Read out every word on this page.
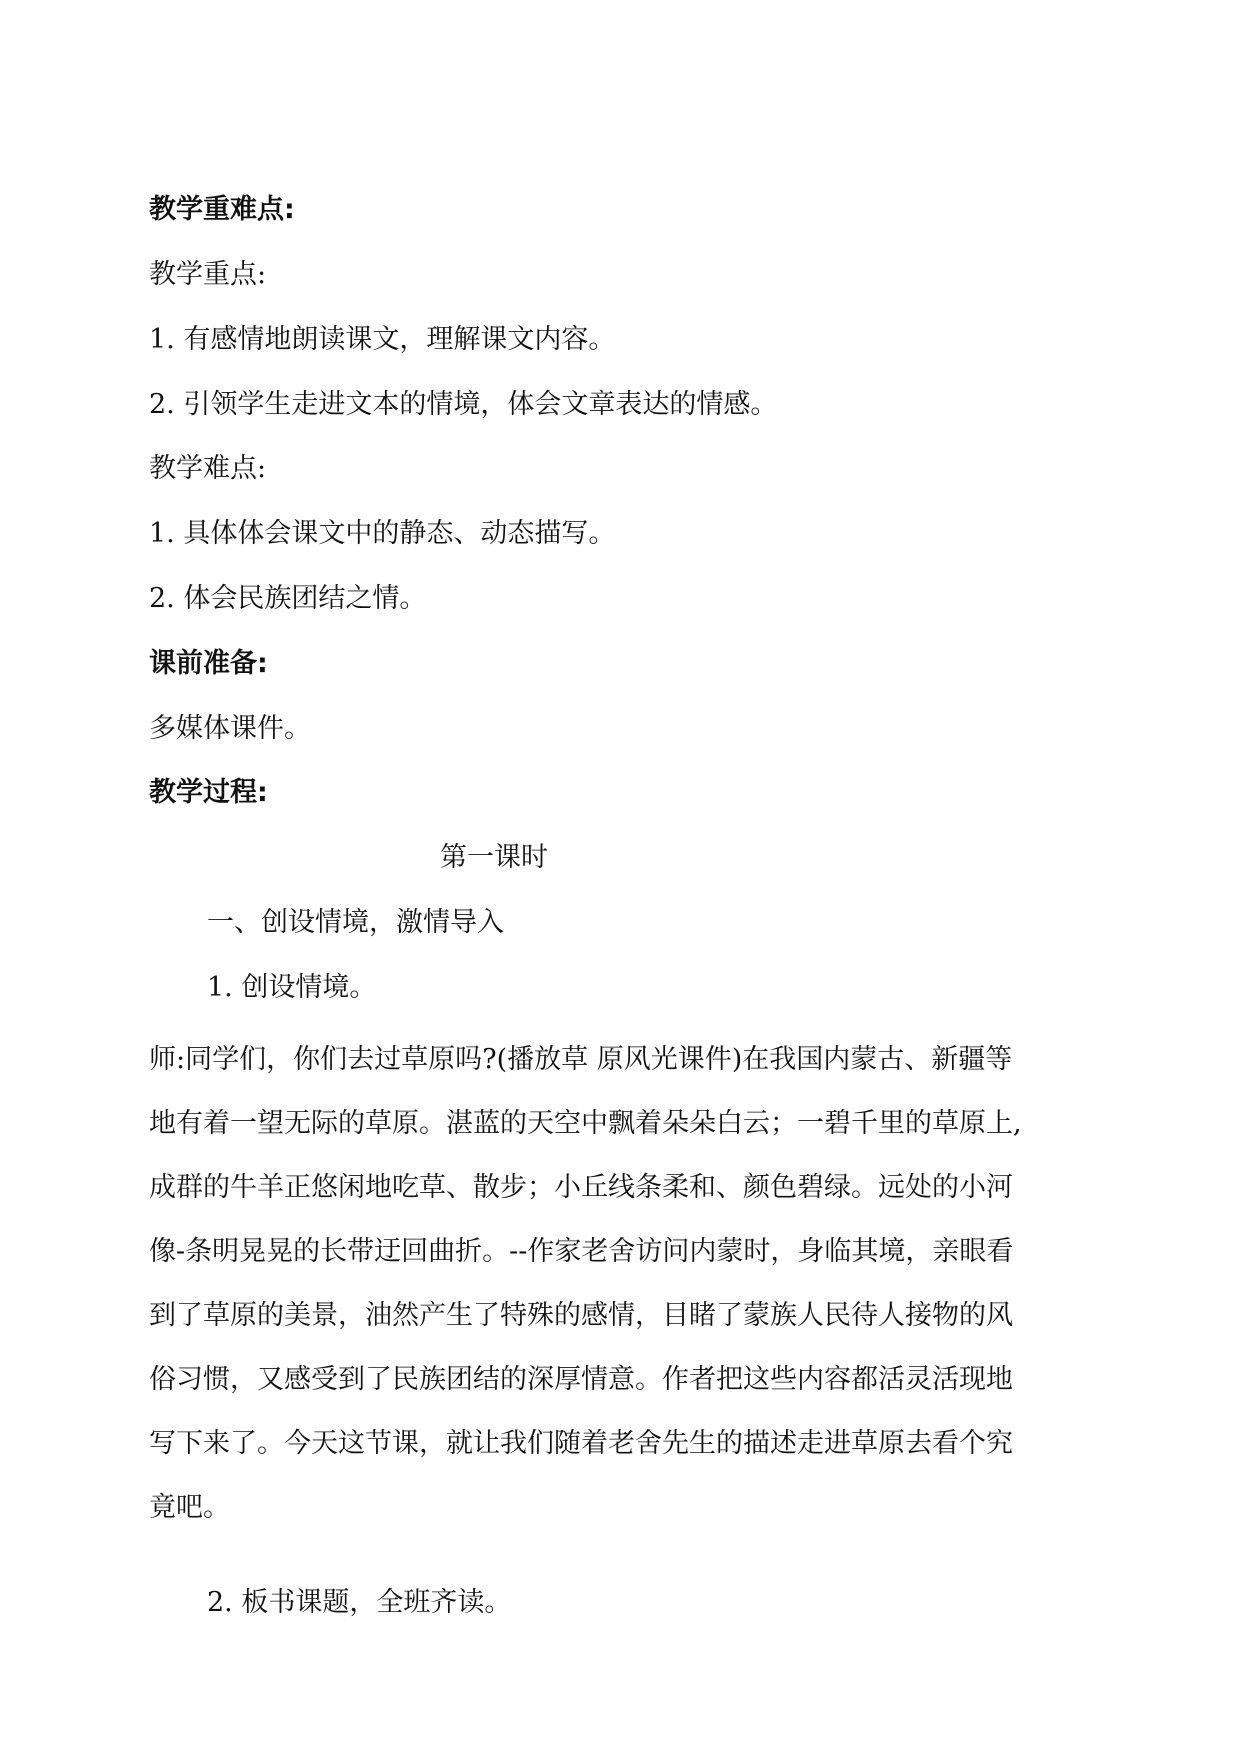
教学重难点:
教学重点:
1. 有感情地朗读课文，理解课文内容。
2. 引领学生走进文本的情境，体会文章表达的情感。
教学难点:
1. 具体体会课文中的静态、动态描写。
2. 体会民族团结之情。
课前准备:
多媒体课件。
教学过程:
第一课时
一、创设情境，激情导入
1. 创设情境。

师:同学们，你们去过草原吗?(播放草 原风光课件)在我国内蒙古、新疆等

地有着一望无际的草原。湛蓝的天空中飘着朵朵白云；一碧千里的草原上,

成群的牛羊正悠闲地吃草、散步；小丘线条柔和、颜色碧绿。远处的小河

像-条明晃晃的长带迂回曲折。--作家老舍访问内蒙时，身临其境，亲眼看

到了草原的美景，油然产生了特殊的感情，目睹了蒙族人民待人接物的风

俗习惯，又感受到了民族团结的深厚情意。作者把这些内容都活灵活现地

写下来了。今天这节课，就让我们随着老舍先生的描述走进草原去看个究

竟吧。

2. 板书课题，全班齐读。
